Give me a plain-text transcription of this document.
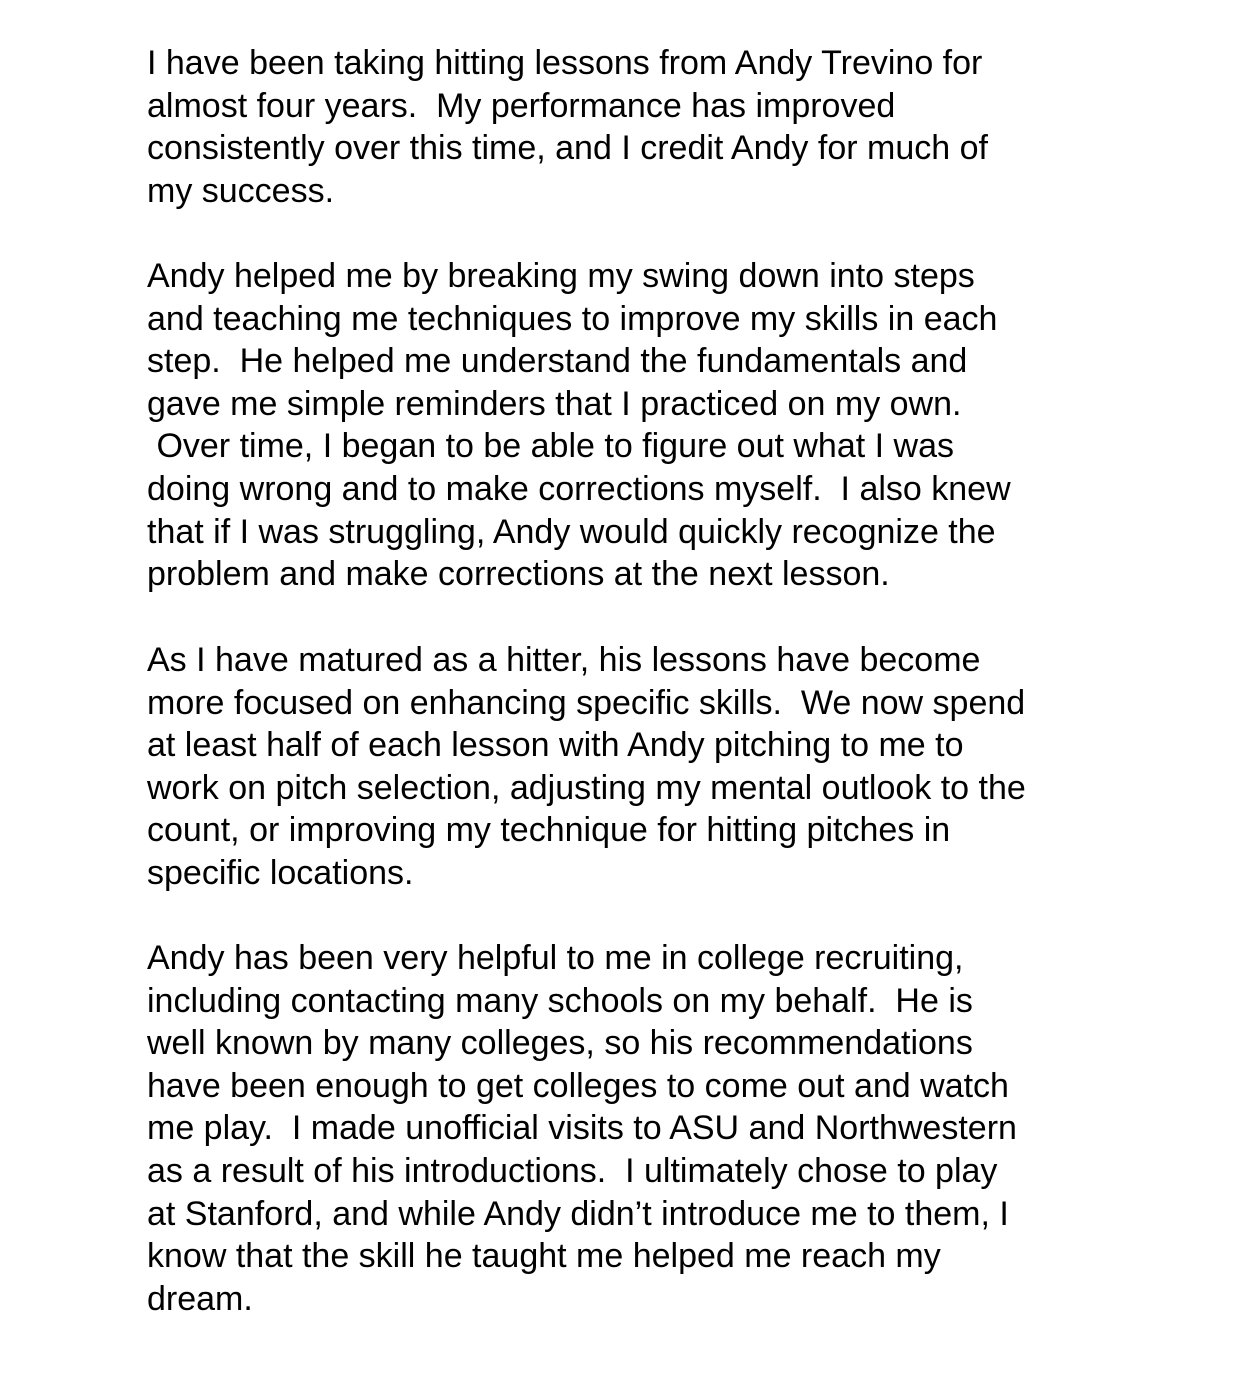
I have been taking hitting lessons from Andy Trevino for
almost four years.  My performance has improved
consistently over this time, and I credit Andy for much of
my success.

Andy helped me by breaking my swing down into steps
and teaching me techniques to improve my skills in each
step.  He helped me understand the fundamentals and
gave me simple reminders that I practiced on my own.
Over time, I began to be able to figure out what I was
doing wrong and to make corrections myself.  I also knew
that if I was struggling, Andy would quickly recognize the
problem and make corrections at the next lesson.

As I have matured as a hitter, his lessons have become
more focused on enhancing specific skills.  We now spend
at least half of each lesson with Andy pitching to me to
work on pitch selection, adjusting my mental outlook to the
count, or improving my technique for hitting pitches in
specific locations.

Andy has been very helpful to me in college recruiting,
including contacting many schools on my behalf.  He is
well known by many colleges, so his recommendations
have been enough to get colleges to come out and watch
me play.  I made unofficial visits to ASU and Northwestern
as a result of his introductions.  I ultimately chose to play
at Stanford, and while Andy didn’t introduce me to them, I
know that the skill he taught me helped me reach my
dream.
